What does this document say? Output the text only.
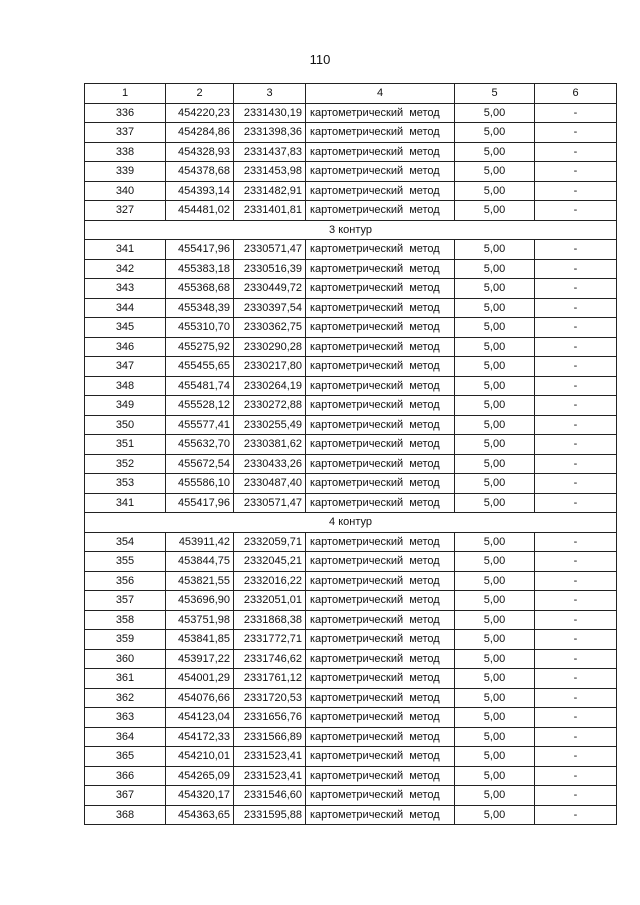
110
1	2	3	4	5	6
336	454220,23	2331430,19	картометрический метод	5,00	-
337	454284,86	2331398,36	картометрический метод	5,00	-
338	454328,93	2331437,83	картометрический метод	5,00	-
339	454378,68	2331453,98	картометрический метод	5,00	-
340	454393,14	2331482,91	картометрический метод	5,00	-
327	454481,02	2331401,81	картометрический метод	5,00	-
3 контур					
341	455417,96	2330571,47	картометрический метод	5,00	-
342	455383,18	2330516,39	картометрический метод	5,00	-
343	455368,68	2330449,72	картометрический метод	5,00	-
344	455348,39	2330397,54	картометрический метод	5,00	-
345	455310,70	2330362,75	картометрический метод	5,00	-
346	455275,92	2330290,28	картометрический метод	5,00	-
347	455455,65	2330217,80	картометрический метод	5,00	-
348	455481,74	2330264,19	картометрический метод	5,00	-
349	455528,12	2330272,88	картометрический метод	5,00	-
350	455577,41	2330255,49	картометрический метод	5,00	-
351	455632,70	2330381,62	картометрический метод	5,00	-
352	455672,54	2330433,26	картометрический метод	5,00	-
353	455586,10	2330487,40	картометрический метод	5,00	-
341	455417,96	2330571,47	картометрический метод	5,00	-
4 контур					
354	453911,42	2332059,71	картометрический метод	5,00	-
355	453844,75	2332045,21	картометрический метод	5,00	-
356	453821,55	2332016,22	картометрический метод	5,00	-
357	453696,90	2332051,01	картометрический метод	5,00	-
358	453751,98	2331868,38	картометрический метод	5,00	-
359	453841,85	2331772,71	картометрический метод	5,00	-
360	453917,22	2331746,62	картометрический метод	5,00	-
361	454001,29	2331761,12	картометрический метод	5,00	-
362	454076,66	2331720,53	картометрический метод	5,00	-
363	454123,04	2331656,76	картометрический метод	5,00	-
364	454172,33	2331566,89	картометрический метод	5,00	-
365	454210,01	2331523,41	картометрический метод	5,00	-
366	454265,09	2331523,41	картометрический метод	5,00	-
367	454320,17	2331546,60	картометрический метод	5,00	-
368	454363,65	2331595,88	картометрический метод	5,00	-
